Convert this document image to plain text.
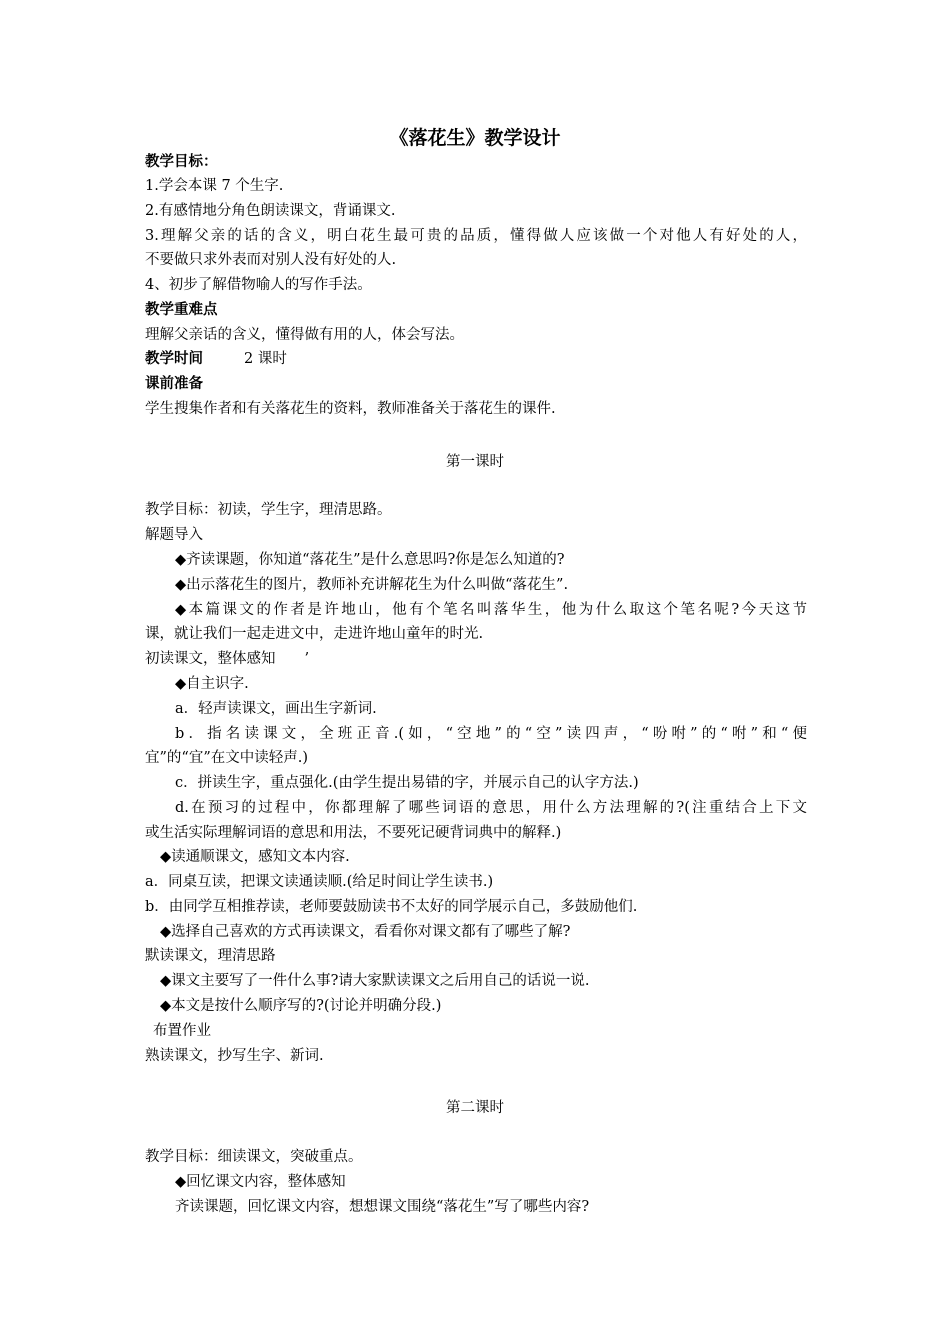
《落花生》教学设计
教学目标：
1.学会本课 7 个生字.
2.有感情地分角色朗读课文，背诵课文.
3.理解父亲的话的含义，明白花生最可贵的品质，懂得做人应该做一个对他人有好处的人，
不要做只求外表而对别人没有好处的人.
4、初步了解借物喻人的写作手法。
教学重难点
理解父亲话的含义，懂得做有用的人，体会写法。
教学时间	2 课时
课前准备
学生搜集作者和有关落花生的资料，教师准备关于落花生的课件.
第一课时
教学目标：初读，学生字，理清思路。
解题导入
◆齐读课题，你知道“落花生”是什么意思吗?你是怎么知道的?
◆出示落花生的图片，教师补充讲解花生为什么叫做“落花生”.
◆本篇课文的作者是许地山，他有个笔名叫落华生，他为什么取这个笔名呢?今天这节
课，就让我们一起走进文中，走进许地山童年的时光.
初读课文，整体感知　　’
◆自主识字.
a．轻声读课文，画出生字新词.
b．指名读课文，全班正音.(如，“空地”的“空”读四声，“吩咐”的“咐”和“便
宜”的“宜”在文中读轻声.)
c．拼读生字，重点强化.(由学生提出易错的字，并展示自己的认字方法.)
d.在预习的过程中，你都理解了哪些词语的意思，用什么方法理解的?(注重结合上下文
或生活实际理解词语的意思和用法，不要死记硬背词典中的解释.)
◆读通顺课文，感知文本内容.
a．同桌互读，把课文读通读顺.(给足时间让学生读书.)
b．由同学互相推荐读，老师要鼓励读书不太好的同学展示自己，多鼓励他们.
◆选择自己喜欢的方式再读课文，看看你对课文都有了哪些了解?
默读课文，理清思路
◆课文主要写了一件什么事?请大家默读课文之后用自己的话说一说.
◆本文是按什么顺序写的?(讨论并明确分段.)
布置作业
熟读课文，抄写生字、新词.
第二课时
教学目标：细读课文，突破重点。
◆回忆课文内容，整体感知
齐读课题，回忆课文内容，想想课文围绕“落花生”写了哪些内容?
